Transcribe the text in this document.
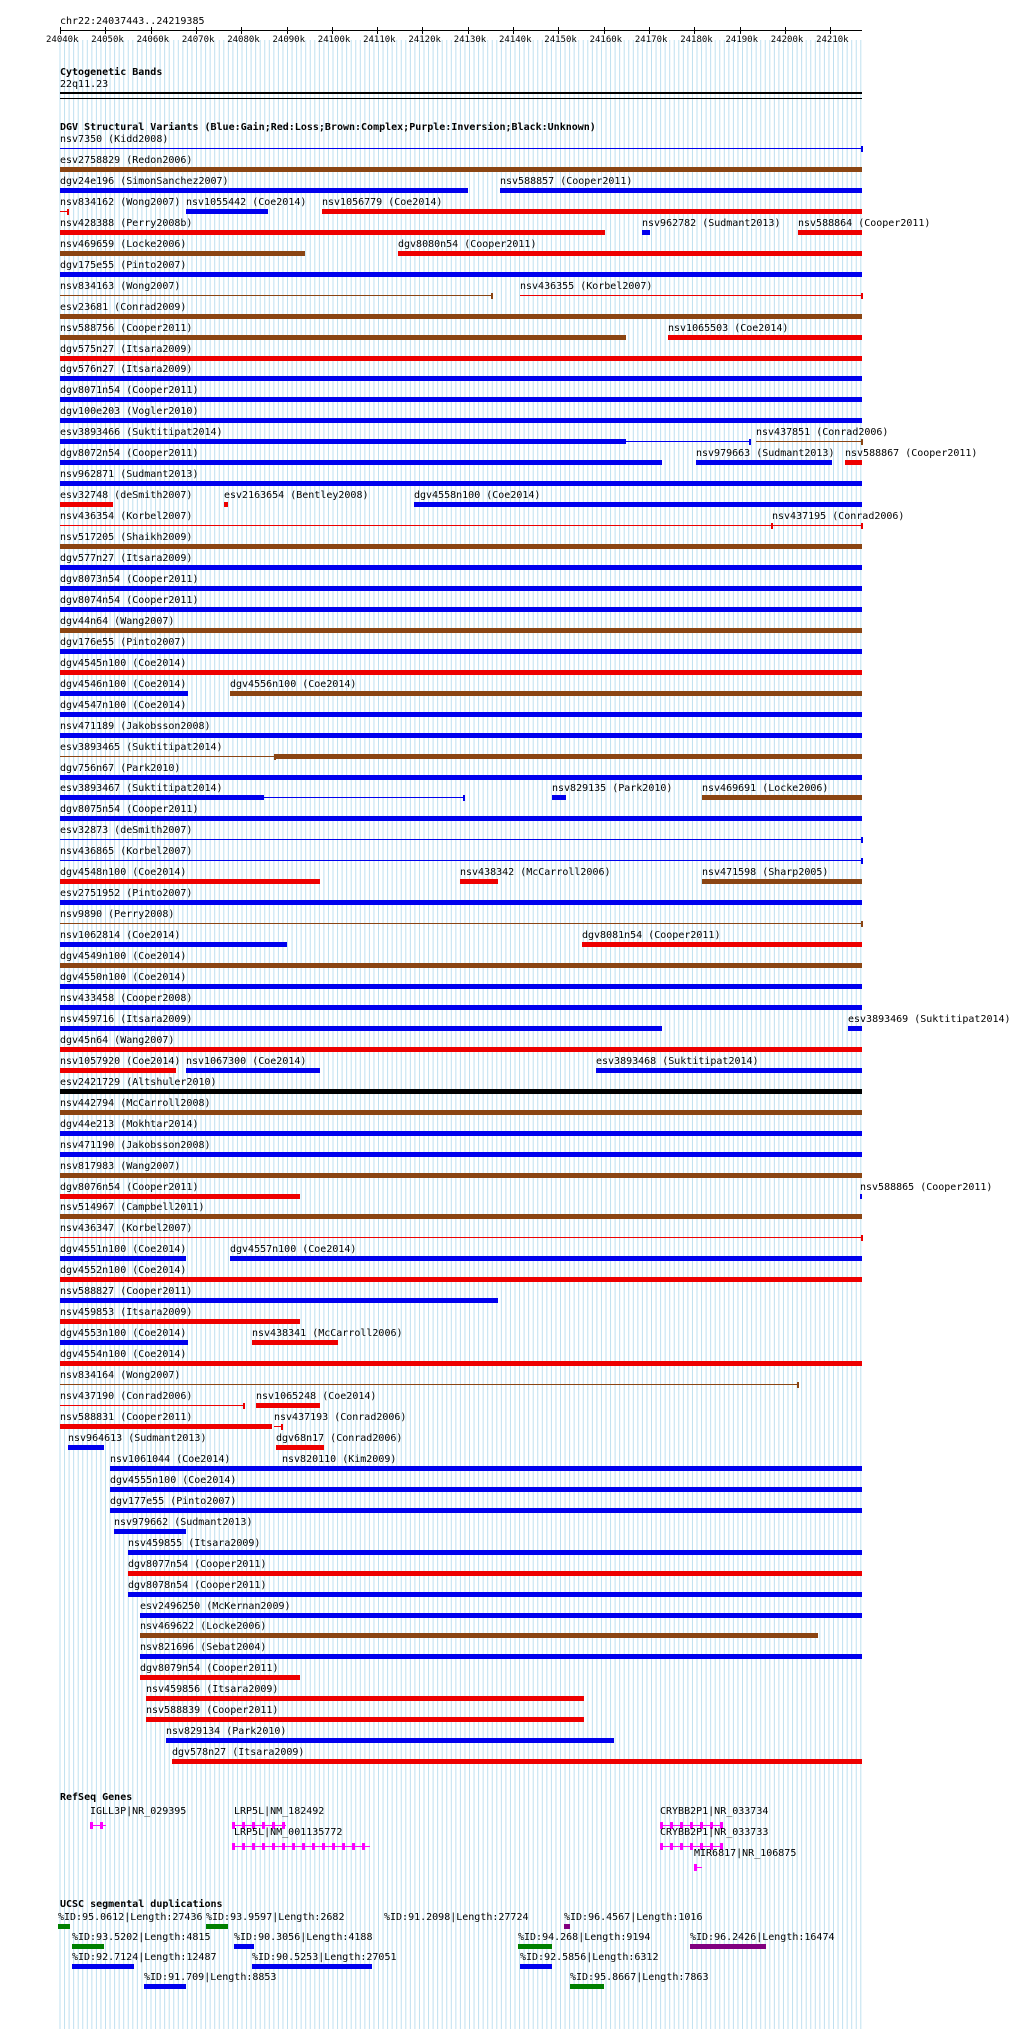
chr22:24037443..24219385
24040k 24050k 24060k 24070k 24080k 24090k 24100k 24110k 24120k 24130k 24140k 24150k 24160k 24170k 24180k 24190k 24200k 24210k
Cytogenetic Bands
22q11.23
DGV Structural Variants (Blue:Gain;Red:Loss;Brown:Complex;Purple:Inversion;Black:Unknown)
nsv7350 (Kidd2008)
esv2758829 (Redon2006)
dgv24e196 (SimonSanchez2007)	nsv588857 (Cooper2011)
nsv834162 (Wong2007) nsv1055442 (Coe2014) nsv1056779 (Coe2014)
nsv428388 (Perry2008b)	nsv962782 (Sudmant2013) nsv588864 (Cooper2011)
nsv469659 (Locke2006)	dgv8080n54 (Cooper2011)
dgv175e55 (Pinto2007)
nsv834163 (Wong2007)	nsv436355 (Korbel2007)
esv23681 (Conrad2009)
nsv588756 (Cooper2011)	nsv1065503 (Coe2014)
dgv575n27 (Itsara2009)
dgv576n27 (Itsara2009)
dgv8071n54 (Cooper2011)
dgv100e203 (Vogler2010)
esv3893466 (Suktitipat2014)	nsv437851 (Conrad2006)
dgv8072n54 (Cooper2011)	nsv979663 (Sudmant2013) nsv588867 (Cooper2011)
nsv962871 (Sudmant2013)
esv32748 (deSmith2007)	esv2163654 (Bentley2008)	dgv4558n100 (Coe2014)
nsv436354 (Korbel2007)	nsv437195 (Conrad2006)
nsv517205 (Shaikh2009)
dgv577n27 (Itsara2009)
dgv8073n54 (Cooper2011)
dgv8074n54 (Cooper2011)
dgv44n64 (Wang2007)
dgv176e55 (Pinto2007)
dgv4545n100 (Coe2014)
dgv4546n100 (Coe2014)	dgv4556n100 (Coe2014)
dgv4547n100 (Coe2014)
nsv471189 (Jakobsson2008)
esv3893465 (Suktitipat2014)
dgv756n67 (Park2010)
esv3893467 (Suktitipat2014)	nsv829135 (Park2010)	nsv469691 (Locke2006)
dgv8075n54 (Cooper2011)
esv32873 (deSmith2007)
nsv436865 (Korbel2007)
dgv4548n100 (Coe2014)	nsv438342 (McCarroll2006)	nsv471598 (Sharp2005)
esv2751952 (Pinto2007)
nsv9890 (Perry2008)
nsv1062814 (Coe2014)	dgv8081n54 (Cooper2011)
dgv4549n100 (Coe2014)
dgv4550n100 (Coe2014)
nsv433458 (Cooper2008)
nsv459716 (Itsara2009)	esv3893469 (Suktitipat2014)
dgv45n64 (Wang2007)
nsv1057920 (Coe2014) nsv1067300 (Coe2014)	esv3893468 (Suktitipat2014)
esv2421729 (Altshuler2010)
nsv442794 (McCarroll2008)
dgv44e213 (Mokhtar2014)
nsv471190 (Jakobsson2008)
nsv817983 (Wang2007)
dgv8076n54 (Cooper2011)	nsv588865 (Cooper2011)
nsv514967 (Campbell2011)
nsv436347 (Korbel2007)
dgv4551n100 (Coe2014)	dgv4557n100 (Coe2014)
dgv4552n100 (Coe2014)
nsv588827 (Cooper2011)
nsv459853 (Itsara2009)
dgv4553n100 (Coe2014)	nsv438341 (McCarroll2006)
dgv4554n100 (Coe2014)
nsv834164 (Wong2007)
nsv437190 (Conrad2006)	nsv1065248 (Coe2014)
nsv588831 (Cooper2011)	nsv437193 (Conrad2006)
nsv964613 (Sudmant2013)	dgv68n17 (Conrad2006)
nsv1061044 (Coe2014)	nsv820110 (Kim2009)
dgv4555n100 (Coe2014)
dgv177e55 (Pinto2007)
nsv979662 (Sudmant2013)
nsv459855 (Itsara2009)
dgv8077n54 (Cooper2011)
dgv8078n54 (Cooper2011)
esv2496250 (McKernan2009)
nsv469622 (Locke2006)
nsv821696 (Sebat2004)
dgv8079n54 (Cooper2011)
nsv459856 (Itsara2009)
nsv588839 (Cooper2011)
nsv829134 (Park2010)
dgv578n27 (Itsara2009)
RefSeq Genes
IGLL3P|NR_029395	LRP5L|NM_182492
LRP5L|NM_001135772
CRYBB2P1|NR_033734
CRYBB2P1|NR_033733
MIR6817|NR_106875
UCSC segmental duplications
%ID:95.0612|Length:27436 %ID:93.9597|Length:2682	%ID:91.2098|Length:27724	%ID:96.4567|Length:1016
%ID:93.5202|Length:4815 %ID:90.3056|Length:4188	%ID:94.268|Length:9194	%ID:96.2426|Length:16474
%ID:92.7124|Length:12487	%ID:90.5253|Length:27051	%ID:92.5856|Length:6312
%ID:91.709|Length:8853	%ID:95.8667|Length:7863
